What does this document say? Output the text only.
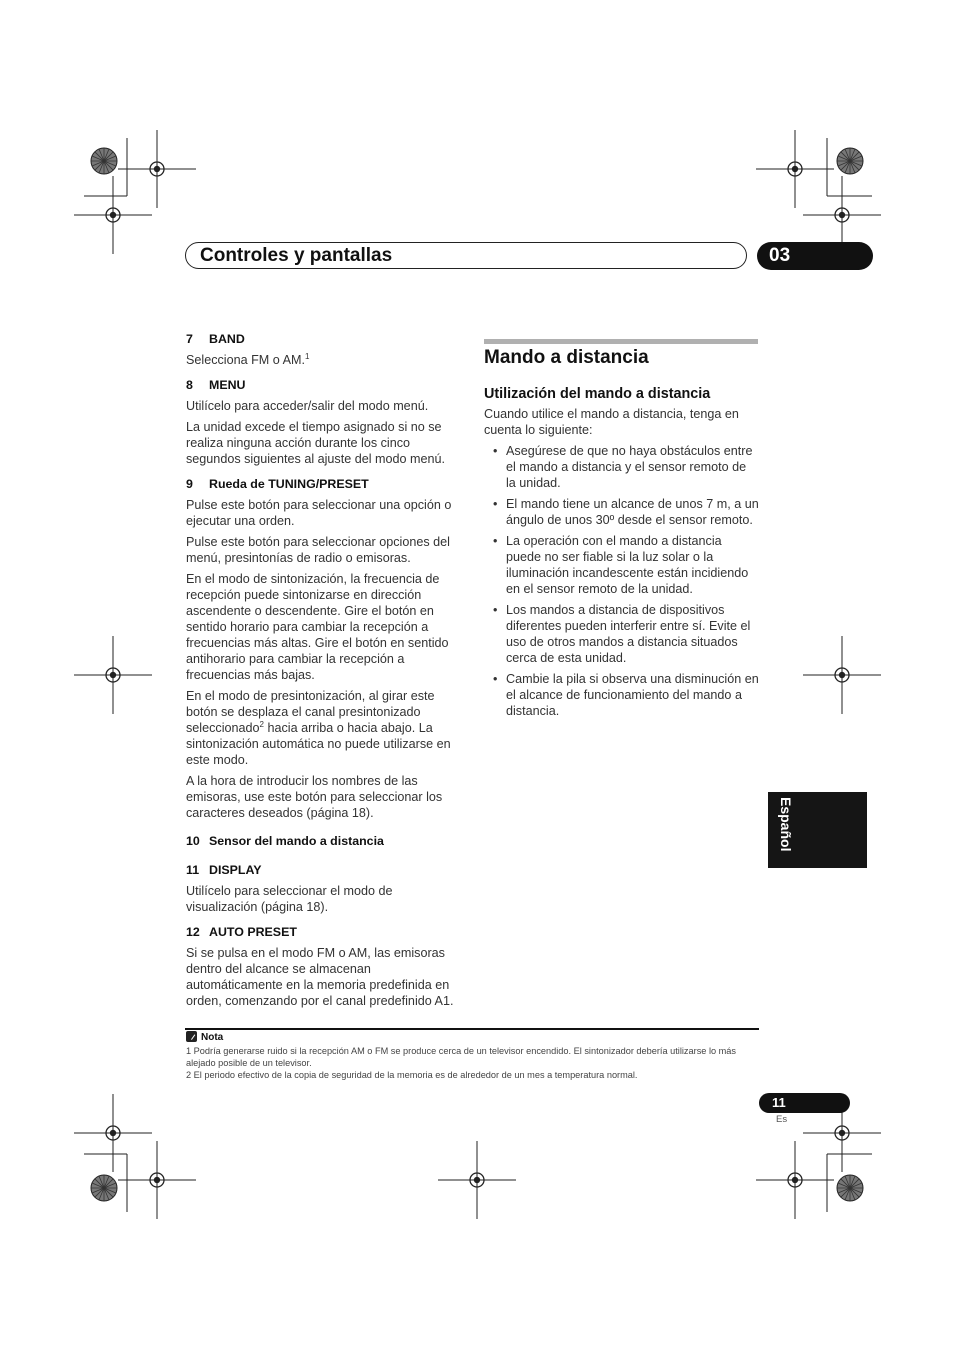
Controles y pantallas	03

7 BAND

Selecciona FM o AM.$^1$

8 MENU

Utilícelo para acceder/salir del modo menú.

La unidad excede el tiempo asignado si no se realiza ninguna acción durante los cinco segundos siguientes al ajuste del modo menú.

9 Rueda de TUNING/PRESET

Pulse este botón para seleccionar una opción o ejecutar una orden.

Pulse este botón para seleccionar opciones del menú, presintonías de radio o emisoras.

En el modo de sintonización, la frecuencia de recepción puede sintonizarse en dirección ascendente o descendente. Gire el botón en sentido horario para cambiar la recepción a frecuencias más altas. Gire el botón en sentido antihorario para cambiar la recepción a frecuencias más bajas.

En el modo de presintonización, al girar este botón se desplaza el canal presintonizado seleccionado$^2$ hacia arriba o hacia abajo. La sintonización automática no puede utilizarse en este modo.

A la hora de introducir los nombres de las emisoras, use este botón para seleccionar los caracteres deseados (página 18).

10 Sensor del mando a distancia

11 DISPLAY

Utilícelo para seleccionar el modo de visualización (página 18).

12 AUTO PRESET

Si se pulsa en el modo FM o AM, las emisoras dentro del alcance se almacenan automáticamente en la memoria predefinida en orden, comenzando por el canal predefinido A1.

Mando a distancia
Utilización del mando a distancia

Cuando utilice el mando a distancia, tenga en cuenta lo siguiente:

• Asegúrese de que no haya obstáculos entre el mando a distancia y el sensor remoto de la unidad.
• El mando tiene un alcance de unos 7 m, a un ángulo de unos 30º desde el sensor remoto.
• La operación con el mando a distancia puede no ser fiable si la luz solar o la iluminación incandescente están incidiendo en el sensor remoto de la unidad.
• Los mandos a distancia de dispositivos diferentes pueden interferir entre sí. Evite el uso de otros mandos a distancia situados cerca de esta unidad.
• Cambie la pila si observa una disminución en el alcance de funcionamiento del mando a distancia.
Español
Nota

1 Podría generarse ruido si la recepción AM o FM se produce cerca de un televisor encendido. El sintonizador debería utilizarse lo más alejado posible de un televisor.

2 El periodo efectivo de la copia de seguridad de la memoria es de alrededor de un mes a temperatura normal.

11
Es
